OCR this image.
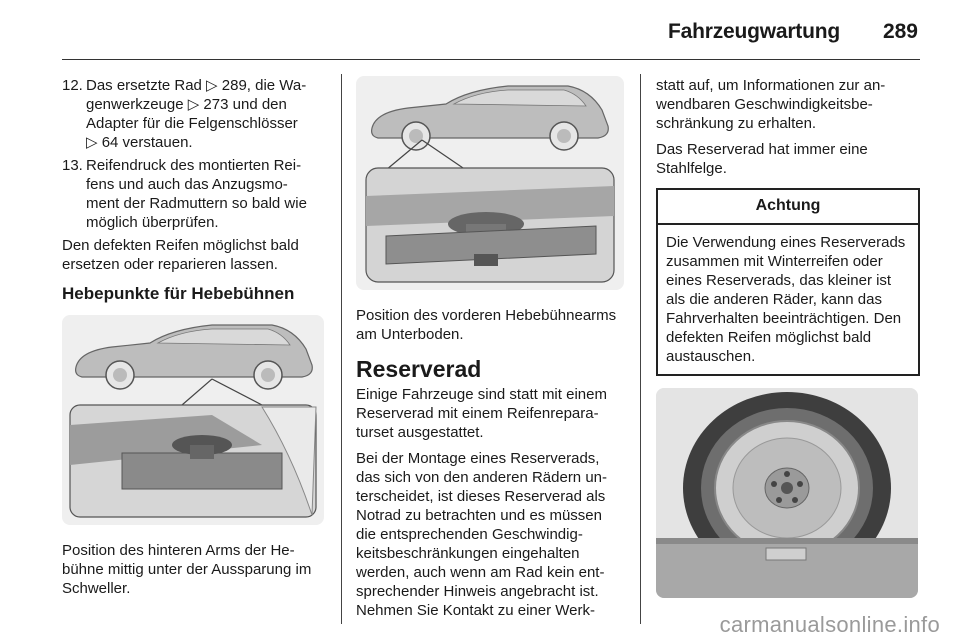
Fahrzeugwartung 289
12. Das ersetzte Rad ▷ 289, die Wa-
genwerkzeuge ▷ 273 und den
Adapter für die Felgenschlösser
▷ 64 verstauen.
13. Reifendruck des montierten Rei-
fens und auch das Anzugsmo-
ment der Radmuttern so bald wie
möglich überprüfen.

Den defekten Reifen möglichst bald ersetzen oder reparieren lassen.

Hebepunkte für Hebebühnen

Position des hinteren Arms der Hebühne mittig unter der Aussparung im Schweller.

Position des vorderen Hebebühnearms am Unterboden.

Reserverad

Einige Fahrzeuge sind statt mit einem Reserverad mit einem Reifenreparaturset ausgestattet.

Bei der Montage eines Reserverads, das sich von den anderen Rädern unterscheidet, ist dieses Reserverad als Notrad zu betrachten und es müssen die entsprechenden Geschwindigkeitsbeschränkungen eingehalten werden, auch wenn am Rad kein entsprechender Hinweis angebracht ist. Nehmen Sie Kontakt zu einer Werk-

statt auf, um Informationen zur anwendbaren Geschwindigkeitsbeschränkung zu erhalten.

Das Reserverad hat immer eine Stahlfelge.

Achtung
Die Verwendung eines Reserverads zusammen mit Winterreifen oder eines Reserverads, das kleiner ist als die anderen Räder, kann das Fahrverhalten beeinträchtigen. Den defekten Reifen möglichst bald austauschen.
carmanualsonline.info
